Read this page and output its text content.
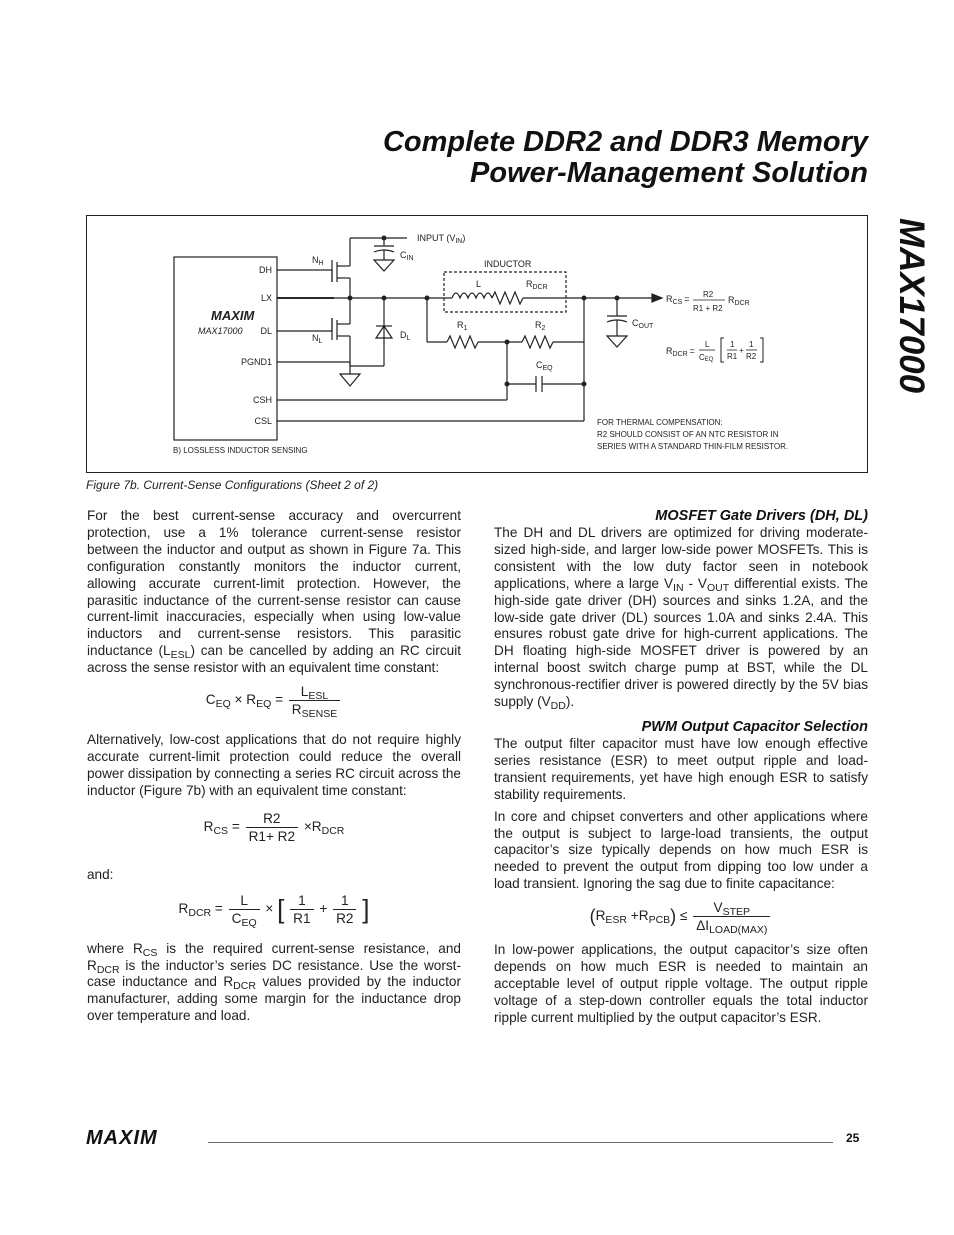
Complete DDR2 and DDR3 Memory
Power-Management Solution
MAX17000
DH
LX
DL
PGND1
CSH
CSL
MAXIM
MAX17000
INPUT $(V_{IN})$
$C_{IN}$
$N_H$
$N_L$
$D_L$
INDUCTOR
L	$R_{DCR}$
$R_1$	$R_2$
$C_{EQ}$
$C_{OUT}$
$R_{CS} = R2$
R1 + R2
$R_{DCR}$
$R_{DCR}$ =
L
CEQ
1
R1
+
1
R2
FOR THERMAL COMPENSATION:
R2 SHOULD CONSIST OF AN NTC RESISTOR IN
SERIES WITH A STANDARD THIN-FILM RESISTOR.
B) LOSSLESS INDUCTOR SENSING
Figure 7b. Current-Sense Configurations (Sheet 2 of 2)

For the best current-sense accuracy and overcurrent protection, use a 1% tolerance current-sense resistor between the inductor and output as shown in Figure 7a. This configuration constantly monitors the inductor current, allowing accurate current-limit protection. However, the parasitic inductance of the current-sense resistor can cause current-limit inaccuracies, especially when using low-value inductors and current-sense resistors. This parasitic inductance $(L_{ESL})$ can be cancelled by adding an RC circuit across the sense resistor with an equivalent time constant:

$C_{EQ} \times R_{EQ} = \frac{L_{ESL}}{R_{SENSE}}$

Alternatively, low-cost applications that do not require highly accurate current-limit protection could reduce the overall power dissipation by connecting a series RC circuit across the inductor (Figure 7b) with an equivalent time constant:

$R_{CS} = \frac{R2}{R1+ R2} \times R_{DCR}$

and:

$R_{DCR} = \frac{L}{C_{EQ}}$ × [ $\frac{1}{R1} + \frac{1}{R2}$ ]

where $R_{CS}$ is the required current-sense resistance, and $R_{DCR}$ is the inductor’s series DC resistance. Use the worst-case inductance and $R_{DCR}$ values provided by the inductor manufacturer, adding some margin for the inductance drop over temperature and load.

MOSFET Gate Drivers (DH, DL)

The DH and DL drivers are optimized for driving moderate-sized high-side, and larger low-side power MOSFETs. This is consistent with the low duty factor seen in notebook applications, where a large $V_{IN} - V_{OUT}$ differential exists. The high-side gate driver (DH) sources and sinks 1.2A, and the low-side gate driver (DL) sources 1.0A and sinks 2.4A. This ensures robust gate drive for high-current applications. The DH floating high-side MOSFET driver is powered by an internal boost switch charge pump at BST, while the DL synchronous-rectifier driver is powered directly by the 5V bias supply $(V_{DD})$.

PWM Output Capacitor Selection

The output filter capacitor must have low enough effective series resistance (ESR) to meet output ripple and load-transient requirements, yet have high enough ESR to satisfy stability requirements.

In core and chipset converters and other applications where the output is subject to large-load transients, the output capacitor’s size typically depends on how much ESR is needed to prevent the output from dipping too low under a load transient. Ignoring the sag due to finite capacitance:

$(R_{ESR} +R_{PCB}) \le \frac{V_{STEP}}{\Delta I_{LOAD(MAX)}}$

In low-power applications, the output capacitor’s size often depends on how much ESR is needed to maintain an acceptable level of output ripple voltage. The output ripple voltage of a step-down controller equals the total inductor ripple current multiplied by the output capacitor’s ESR.

MAXIM	25
